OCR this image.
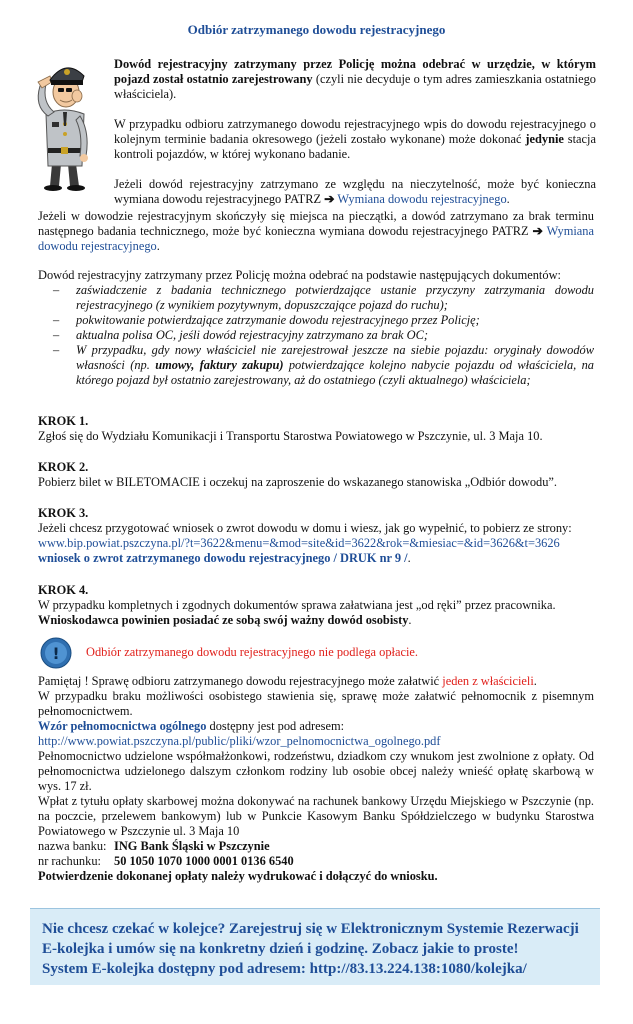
Odbiór zatrzymanego dowodu rejestracyjnego

Dowód rejestracyjny zatrzymany przez Policję można odebrać w urzędzie, w którym pojazd został ostatnio zarejestrowany (czyli nie decyduje o tym adres zamieszkania ostatniego właściciela).

W przypadku odbioru zatrzymanego dowodu rejestracyjnego wpis do dowodu rejestracyjnego o kolejnym terminie badania okresowego (jeżeli zostało wykonane) może dokonać jedynie stacja kontroli pojazdów, w której wykonano badanie.

Jeżeli dowód rejestracyjny zatrzymano ze względu na nieczytelność, może być konieczna wymiana dowodu rejestracyjnego PATRZ ➔ Wymiana dowodu rejestracyjnego.

Jeżeli w dowodzie rejestracyjnym skończyły się miejsca na pieczątki, a dowód zatrzymano za brak terminu następnego badania technicznego, może być konieczna wymiana dowodu rejestracyjnego PATRZ ➔ Wymiana dowodu rejestracyjnego.

Dowód rejestracyjny zatrzymany przez Policję można odebrać na podstawie następujących dokumentów:

– zaświadczenie z badania technicznego potwierdzające ustanie przyczyny zatrzymania dowodu rejestracyjnego (z wynikiem pozytywnym, dopuszczające pojazd do ruchu);
– pokwitowanie potwierdzające zatrzymanie dowodu rejestracyjnego przez Policję;
– aktualna polisa OC, jeśli dowód rejestracyjny zatrzymano za brak OC;
– W przypadku, gdy nowy właściciel nie zarejestrował jeszcze na siebie pojazdu: oryginały dowodów własności (np. umowy, faktury zakupu) potwierdzające kolejno nabycie pojazdu od właściciela, na którego pojazd był ostatnio zarejestrowany, aż do ostatniego (czyli aktualnego) właściciela;
KROK 1.
Zgłoś się do Wydziału Komunikacji i Transportu Starostwa Powiatowego w Pszczynie, ul. 3 Maja 10.
KROK 2.
Pobierz bilet w BILETOMACIE i oczekuj na zaproszenie do wskazanego stanowiska „Odbiór dowodu”.
KROK 3.
Jeżeli chcesz przygotować wniosek o zwrot dowodu w domu i wiesz, jak go wypełnić, to pobierz ze strony:
www.bip.powiat.pszczyna.pl/?t=3622&menu=&mod=site&id=3622&rok=&miesiac=&id=3626&t=3626
wniosek o zwrot zatrzymanego dowodu rejestracyjnego / DRUK nr 9 /.
KROK 4.
W przypadku kompletnych i zgodnych dokumentów sprawa załatwiana jest „od ręki” przez pracownika.
Wnioskodawca powinien posiadać ze sobą swój ważny dowód osobisty.
! Odbiór zatrzymanego dowodu rejestracyjnego nie podlega opłacie.

Pamiętaj ! Sprawę odbioru zatrzymanego dowodu rejestracyjnego może załatwić jeden z właścicieli.

W przypadku braku możliwości osobistego stawienia się, sprawę może załatwić pełnomocnik z pisemnym pełnomocnictwem.

Wzór pełnomocnictwa ogólnego dostępny jest pod adresem:

http://www.powiat.pszczyna.pl/public/pliki/wzor_pelnomocnictwa_ogolnego.pdf

Pełnomocnictwo udzielone współmałżonkowi, rodzeństwu, dziadkom czy wnukom jest zwolnione z opłaty. Od pełnomocnictwa udzielonego dalszym członkom rodziny lub osobie obcej należy wnieść opłatę skarbową w wys. 17 zł.

Wpłat z tytułu opłaty skarbowej można dokonywać na rachunek bankowy Urzędu Miejskiego w Pszczynie (np. na poczcie, przelewem bankowym) lub w Punkcie Kasowym Banku Spółdzielczego w budynku Starostwa Powiatowego w Pszczynie ul. 3 Maja 10

nazwa banku: ING Bank Śląski w Pszczynie
nr rachunku: 50 1050 1070 1000 0001 0136 6540

Potwierdzenie dokonanej opłaty należy wydrukować i dołączyć do wniosku.

Nie chcesz czekać w kolejce? Zarejestruj się w Elektronicznym Systemie Rezerwacji
E-kolejka i umów się na konkretny dzień i godzinę. Zobacz jakie to proste!
System E-kolejka dostępny pod adresem: http://83.13.224.138:1080/kolejka/
